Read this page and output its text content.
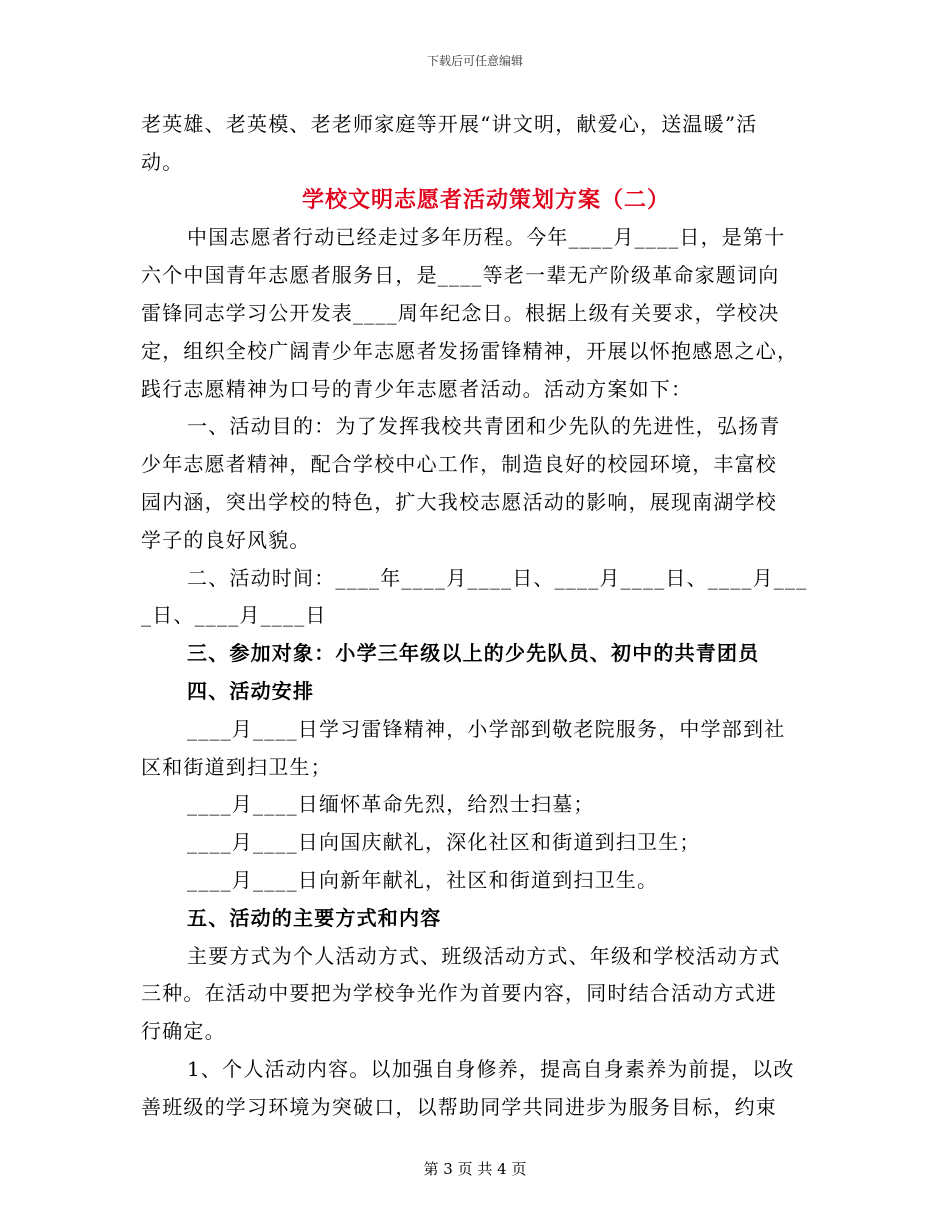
下载后可任意编辑
老英雄、老英模、老老师家庭等开展“讲文明，献爱心，送温暖”活
动。
学校文明志愿者活动策划方案（二）
中国志愿者行动已经走过多年历程。今年____月____日，是第十
六个中国青年志愿者服务日，是____等老一辈无产阶级革命家题词向
雷锋同志学习公开发表____周年纪念日。根据上级有关要求，学校决
定，组织全校广阔青少年志愿者发扬雷锋精神，开展以怀抱感恩之心，
践行志愿精神为口号的青少年志愿者活动。活动方案如下：
一、活动目的：为了发挥我校共青团和少先队的先进性，弘扬青
少年志愿者精神，配合学校中心工作，制造良好的校园环境，丰富校
园内涵，突出学校的特色，扩大我校志愿活动的影响，展现南湖学校
学子的良好风貌。
二、活动时间：____年____月____日、____月____日、____月___
_日、____月____日
三、参加对象：小学三年级以上的少先队员、初中的共青团员
四、活动安排
____月____日学习雷锋精神，小学部到敬老院服务，中学部到社
区和街道到扫卫生；
____月____日缅怀革命先烈，给烈士扫墓；
____月____日向国庆献礼，深化社区和街道到扫卫生；
____月____日向新年献礼，社区和街道到扫卫生。
五、活动的主要方式和内容
主要方式为个人活动方式、班级活动方式、年级和学校活动方式
三种。在活动中要把为学校争光作为首要内容，同时结合活动方式进
行确定。
1、个人活动内容。以加强自身修养，提高自身素养为前提，以改
善班级的学习环境为突破口，以帮助同学共同进步为服务目标，约束
第 3 页 共 4 页
